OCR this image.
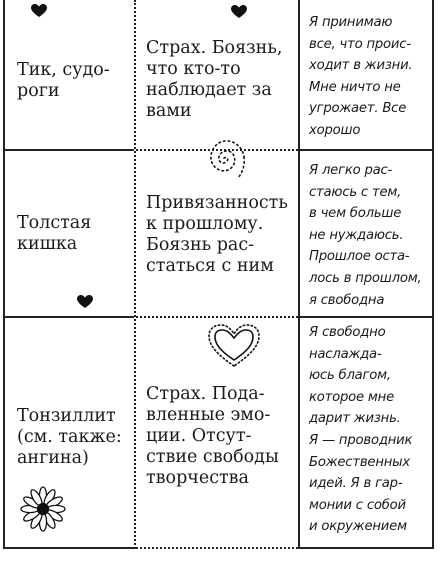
Тик, судо-
роги
Страх. Боязнь,
что кто-то
наблюдает за
вами
Я принимаю
все, что проис-
ходит в жизни.
Мне ничто не
угрожает. Все
хорошо
Толстая
кишка
Привязанность
к прошлому.
Боязнь рас-
статься с ним
Я легко рас-
стаюсь с тем,
в чем больше
не нуждаюсь.
Прошлое оста-
лось в прошлом,
я свободна
Тонзиллит
(см. также:
ангина)
Страх. Пода-
вленные эмо-
ции. Отсут-
ствие свободы
творчества
Я свободно
наслажда-
юсь благом,
которое мне
дарит жизнь.
Я — проводник
Божественных
идей. Я в гар-
монии с собой
и окружением
